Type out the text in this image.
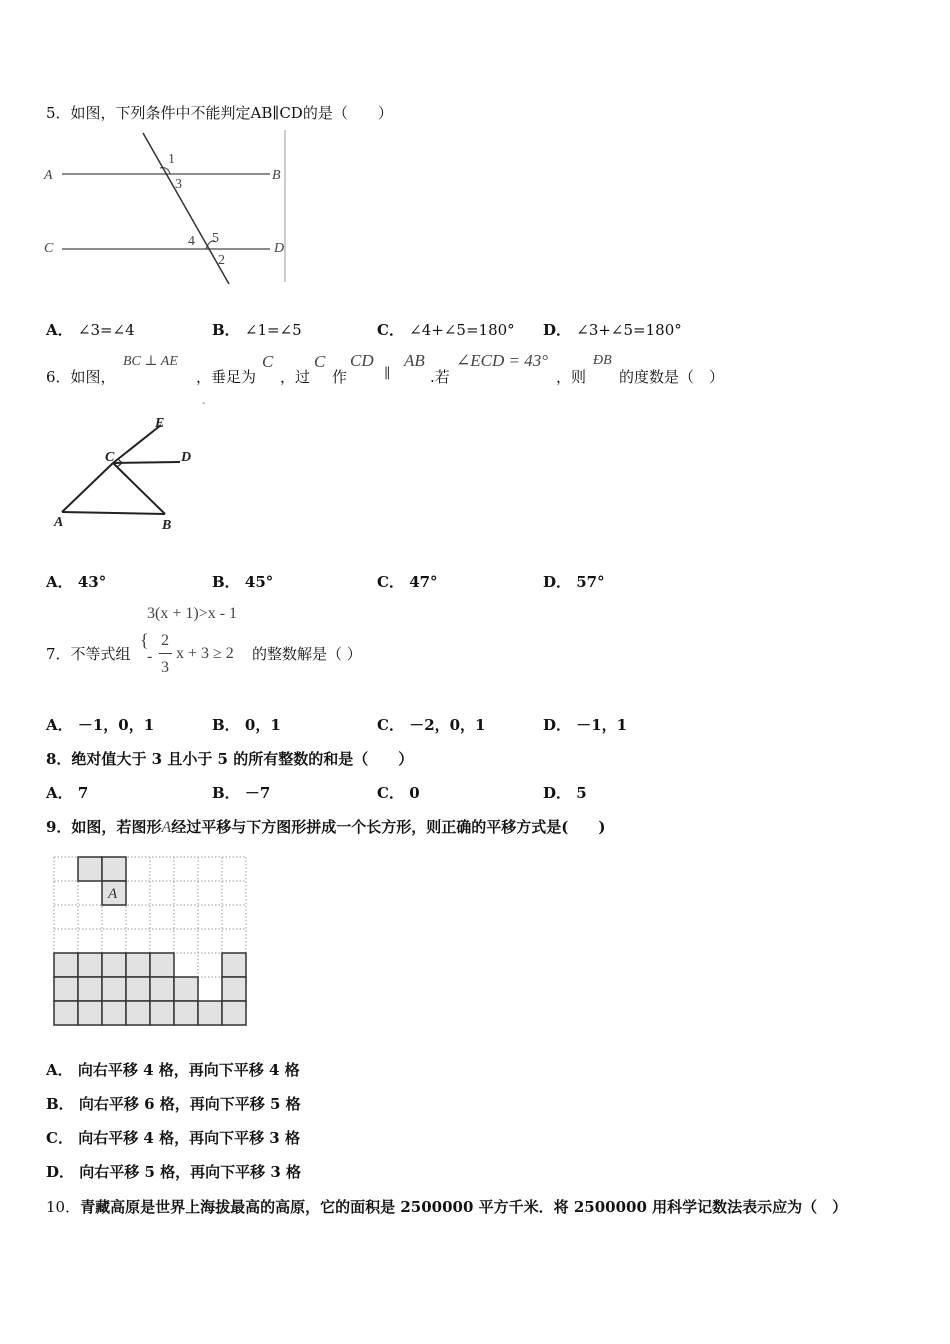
5．如图，下列条件中不能判定AB∥CD的是（　　）
A	B
C	D
1
3
4 5
2
A． ∠3=∠4	B． ∠1=∠5	C． ∠4+∠5=180° D． ∠3+∠5=180°
6．如图，
BC ⊥ AE
，垂足为
C
，过
C
作
CD
∥
AB
.若
∠ECD = 43°
，则
ÐB
的度数是（　）
-
E
C	D
A	B
A． 43°	B． 45°	C． 47°	D． 57°
3(x + 1)>x - 1
7．不等式组
{
-
2
3
x + 3 ≥ 2 的整数解是（ ）
A． －1，0，1	B． 0，1	C． －2，0，1	D． －1，1
8．绝对值大于 3 且小于 5 的所有整数的和是（　　）
A． 7	B． －7	C． 0	D． 5
9．如图，若图形A经过平移与下方图形拼成一个长方形，则正确的平移方式是(　　)
A
A． 向右平移 4 格，再向下平移 4 格
B． 向右平移 6 格，再向下平移 5 格
C． 向右平移 4 格，再向下平移 3 格
D． 向右平移 5 格，再向下平移 3 格
10．青藏高原是世界上海拔最高的高原，它的面积是 2500000 平方千米．将 2500000 用科学记数法表示应为（　）
